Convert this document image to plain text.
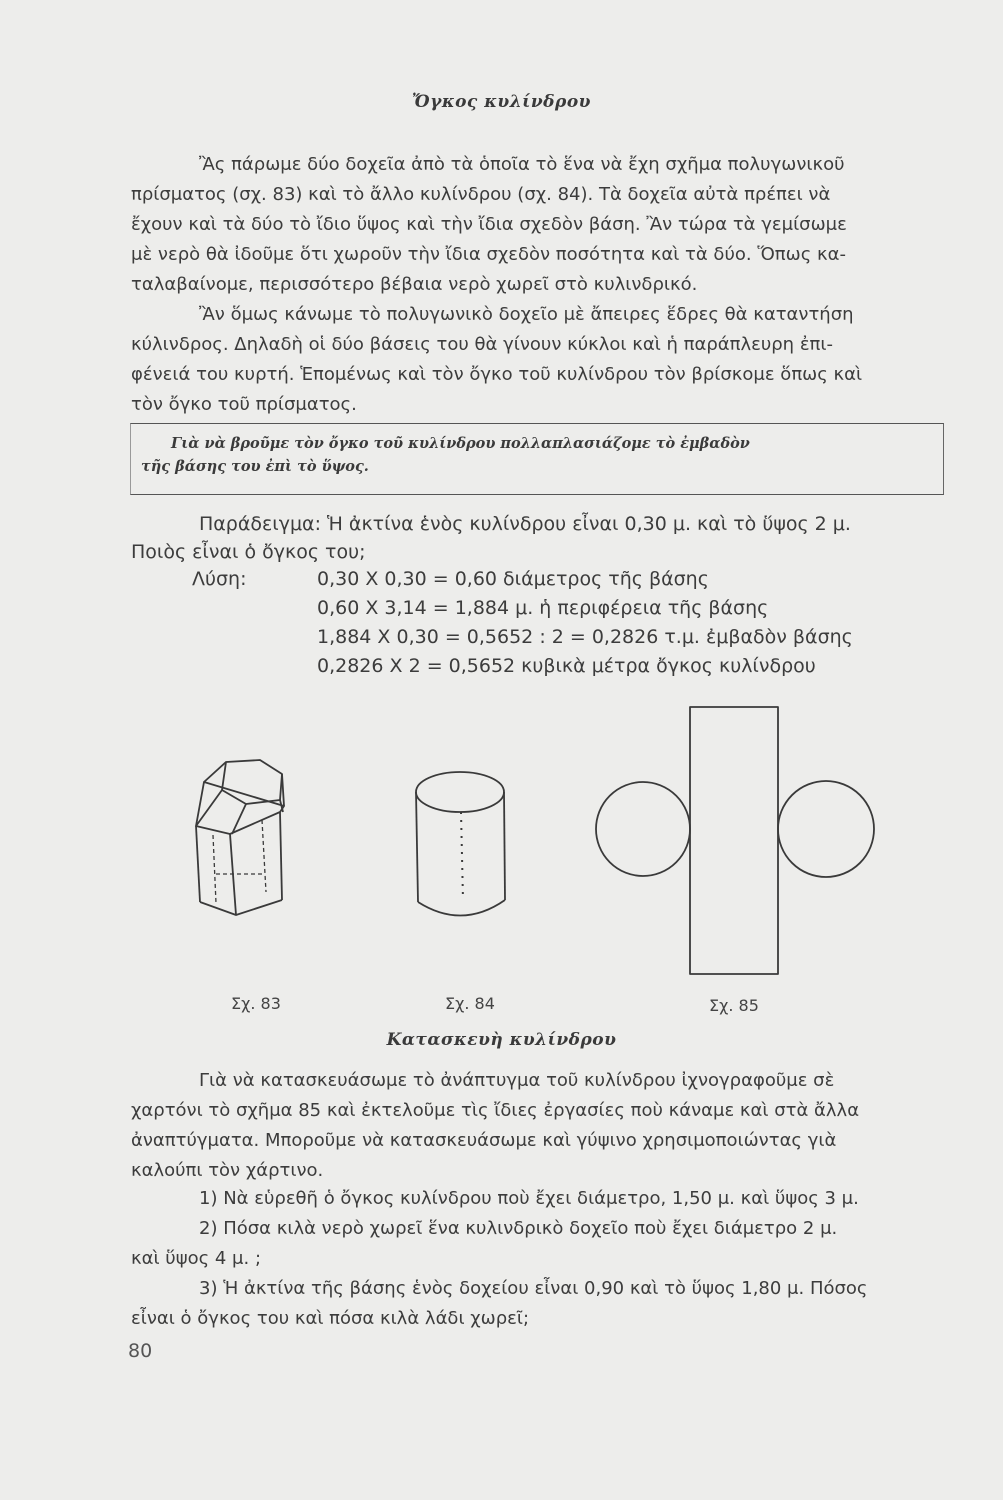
Ὄγκος κυλίνδρου
Ἂς πάρωμε δύο δοχεῖα ἀπὸ τὰ ὁποῖα τὸ ἕνα νὰ ἔχη σχῆμα πολυγωνικοῦ
πρίσματος (σχ. 83) καὶ τὸ ἄλλο κυλίνδρου (σχ. 84). Τὰ δοχεῖα αὐτὰ πρέπει νὰ
ἔχουν καὶ τὰ δύο τὸ ἴδιο ὕψος καὶ τὴν ἴδια σχεδὸν βάση. Ἂν τώρα τὰ γεμίσωμε
μὲ νερὸ θὰ ἰδοῦμε ὅτι χωροῦν τὴν ἴδια σχεδὸν ποσότητα καὶ τὰ δύο. Ὅπως κα-
ταλαβαίνομε, περισσότερο βέβαια νερὸ χωρεῖ στὸ κυλινδρικό.
Ἂν ὅμως κάνωμε τὸ πολυγωνικὸ δοχεῖο μὲ ἄπειρες ἕδρες θὰ καταντήση
κύλινδρος. Δηλαδὴ οἱ δύο βάσεις του θὰ γίνουν κύκλοι καὶ ἡ παράπλευρη ἐπι-
φένειά του κυρτή. Ἑπομένως καὶ τὸν ὄγκο τοῦ κυλίνδρου τὸν βρίσκομε ὅπως καὶ
τὸν ὄγκο τοῦ πρίσματος.
Γιὰ νὰ βροῦμε τὸν ὄγκο τοῦ κυλίνδρου πολλαπλασιάζομε τὸ ἐμβαδὸν
τῆς βάσης του ἐπὶ τὸ ὕψος.
Παράδειγμα: Ἡ ἀκτίνα ἑνὸς κυλίνδρου εἶναι 0,30 μ. καὶ τὸ ὕψος 2 μ.
Ποιὸς εἶναι ὁ ὄγκος του;
Λύση:	0,30 X 0,30 = 0,60 διάμετρος τῆς βάσης
0,60 X 3,14 = 1,884 μ. ἡ περιφέρεια τῆς βάσης
1,884 X 0,30 = 0,5652 : 2 = 0,2826 τ.μ. ἐμβαδὸν βάσης
0,2826 X 2 = 0,5652 κυβικὰ μέτρα ὄγκος κυλίνδρου
Σχ. 83	Σχ. 84	Σχ. 85
Κατασκευὴ κυλίνδρου
Γιὰ νὰ κατασκευάσωμε τὸ ἀνάπτυγμα τοῦ κυλίνδρου ἰχνογραφοῦμε σὲ
χαρτόνι τὸ σχῆμα 85 καὶ ἐκτελοῦμε τὶς ἴδιες ἐργασίες ποὺ κάναμε καὶ στὰ ἄλλα
ἀναπτύγματα. Μποροῦμε νὰ κατασκευάσωμε καὶ γύψινο χρησιμοποιώντας γιὰ
καλούπι τὸν χάρτινο.
1) Νὰ εὑρεθῆ ὁ ὄγκος κυλίνδρου ποὺ ἔχει διάμετρο, 1,50 μ. καὶ ὕψος 3 μ.
2) Πόσα κιλὰ νερὸ χωρεῖ ἕνα κυλινδρικὸ δοχεῖο ποὺ ἔχει διάμετρο 2 μ.
καὶ ὕψος 4 μ. ;
3) Ἡ ἀκτίνα τῆς βάσης ἑνὸς δοχείου εἶναι 0,90 καὶ τὸ ὕψος 1,80 μ. Πόσος
εἶναι ὁ ὄγκος του καὶ πόσα κιλὰ λάδι χωρεῖ;
80
